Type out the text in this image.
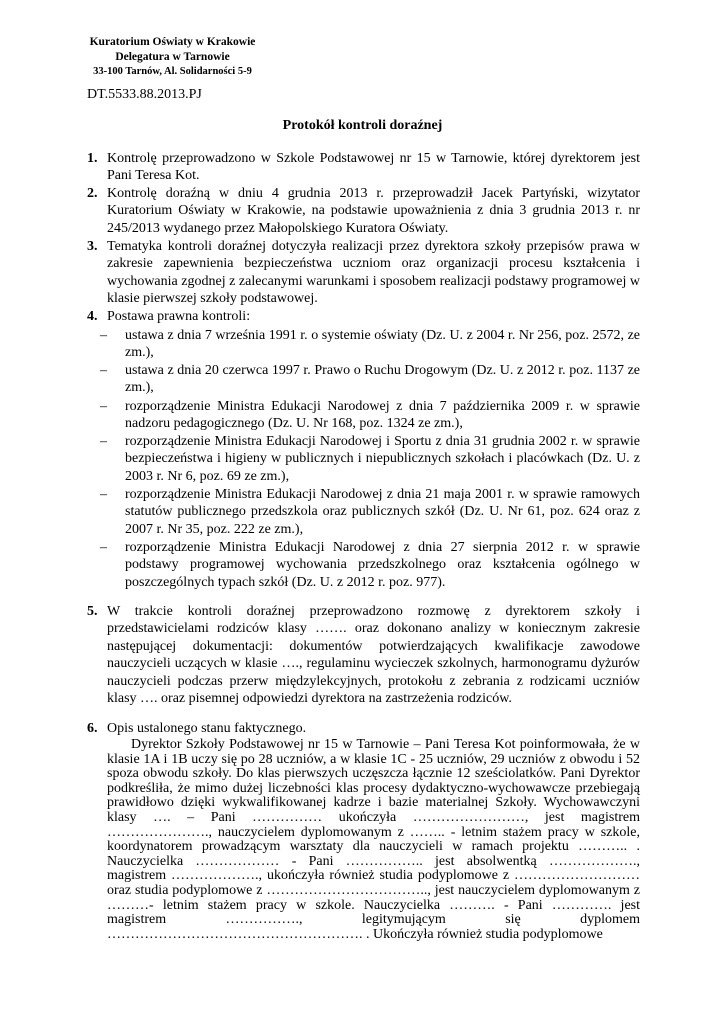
Kuratorium Oświaty w Krakowie
Delegatura w Tarnowie
33-100 Tarnów, Al. Solidarności 5-9
DT.5533.88.2013.PJ
Protokół kontroli doraźnej
1. Kontrolę przeprowadzono w Szkole Podstawowej nr 15 w Tarnowie, której dyrektorem jest Pani Teresa Kot.
2. Kontrolę doraźną w dniu 4 grudnia 2013 r. przeprowadził Jacek Partyński, wizytator Kuratorium Oświaty w Krakowie, na podstawie upoważnienia z dnia 3 grudnia 2013 r. nr 245/2013 wydanego przez Małopolskiego Kuratora Oświaty.
3. Tematyka kontroli doraźnej dotyczyła realizacji przez dyrektora szkoły przepisów prawa w zakresie zapewnienia bezpieczeństwa uczniom oraz organizacji procesu kształcenia i wychowania zgodnej z zalecanymi warunkami i sposobem realizacji podstawy programowej w klasie pierwszej szkoły podstawowej.
4. Postawa prawna kontroli:
– ustawa z dnia 7 września 1991 r. o systemie oświaty (Dz. U. z 2004 r. Nr 256, poz. 2572, ze zm.),
– ustawa z dnia 20 czerwca 1997 r. Prawo o Ruchu Drogowym (Dz. U. z 2012 r. poz. 1137 ze zm.),
– rozporządzenie Ministra Edukacji Narodowej z dnia 7 października 2009 r. w sprawie nadzoru pedagogicznego (Dz. U. Nr 168, poz. 1324 ze zm.),
– rozporządzenie Ministra Edukacji Narodowej i Sportu z dnia 31 grudnia 2002 r. w sprawie bezpieczeństwa i higieny w publicznych i niepublicznych szkołach i placówkach (Dz. U. z 2003 r. Nr 6, poz. 69 ze zm.),
– rozporządzenie Ministra Edukacji Narodowej z dnia 21 maja 2001 r. w sprawie ramowych statutów publicznego przedszkola oraz publicznych szkół (Dz. U. Nr 61, poz. 624 oraz z 2007 r. Nr 35, poz. 222 ze zm.),
– rozporządzenie Ministra Edukacji Narodowej z dnia 27 sierpnia 2012 r. w sprawie podstawy programowej wychowania przedszkolnego oraz kształcenia ogólnego w poszczególnych typach szkół (Dz. U. z 2012 r. poz. 977).
5. W trakcie kontroli doraźnej przeprowadzono rozmowę z dyrektorem szkoły i przedstawicielami rodziców klasy ……. oraz dokonano analizy w koniecznym zakresie następującej dokumentacji: dokumentów potwierdzających kwalifikacje zawodowe nauczycieli uczących w klasie …., regulaminu wycieczek szkolnych, harmonogramu dyżurów nauczycieli podczas przerw międzylekcyjnych, protokołu z zebrania z rodzicami uczniów klasy …. oraz pisemnej odpowiedzi dyrektora na zastrzeżenia rodziców.
6. Opis ustalonego stanu faktycznego.
Dyrektor Szkoły Podstawowej nr 15 w Tarnowie – Pani Teresa Kot poinformowała, że w klasie 1A i 1B uczy się po 28 uczniów, a w klasie 1C - 25 uczniów, 29 uczniów z obwodu i 52 spoza obwodu szkoły. Do klas pierwszych uczęszcza łącznie 12 sześciolatków. Pani Dyrektor podkreśliła, że mimo dużej liczebności klas procesy dydaktyczno-wychowawcze przebiegają prawidłowo dzięki wykwalifikowanej kadrze i bazie materialnej Szkoły. Wychowawczyni klasy …. – Pani …………… ukończyła ……………………, jest magistrem …………………., nauczycielem dyplomowanym z …….. - letnim stażem pracy w szkole, koordynatorem prowadzącym warsztaty dla nauczycieli w ramach projektu ……….. . Nauczycielka ……………… - Pani …………….. jest absolwentką ………………., magistrem ………………., ukończyła również studia podyplomowe z ……………………… oraz studia podyplomowe z …………………………….., jest nauczycielem dyplomowanym z ………- letnim stażem pracy w szkole. Nauczycielka ………. - Pani …………. jest magistrem ……………., legitymującym się dyplomem ………………………………………………. . Ukończyła również studia podyplomowe
